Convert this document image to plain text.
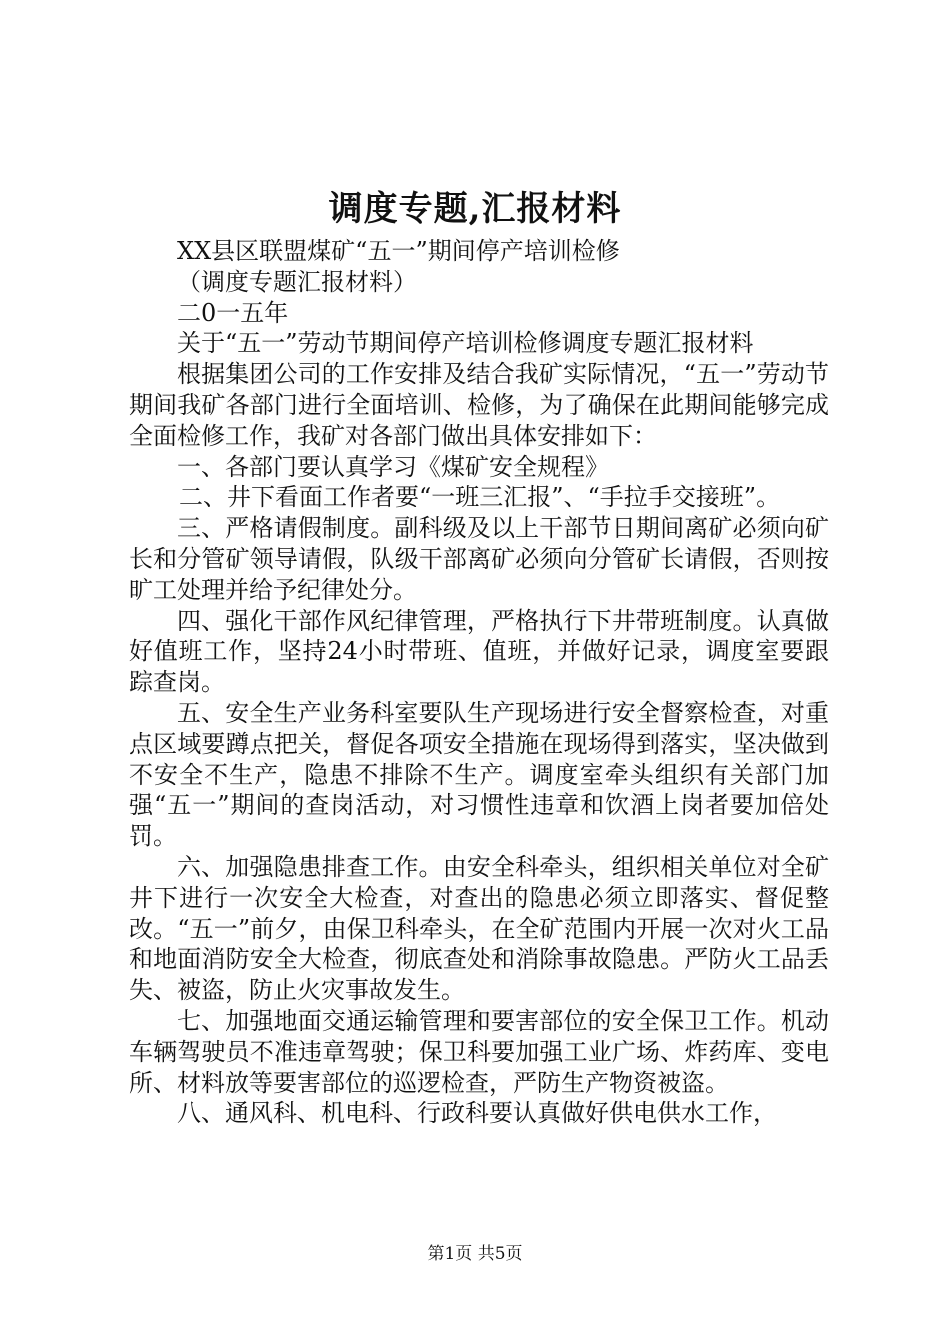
调度专题,汇报材料

XX县区联盟煤矿“五一”期间停产培训检修

（调度专题汇报材料）

二0一五年

关于“五一”劳动节期间停产培训检修调度专题汇报材料

根据集团公司的工作安排及结合我矿实际情况，“五一”劳动节期间我矿各部门进行全面培训、检修，为了确保在此期间能够完成全面检修工作，我矿对各部门做出具体安排如下：

一、各部门要认真学习《煤矿安全规程》

二、井下看面工作者要“一班三汇报”、“手拉手交接班”。

三、严格请假制度。副科级及以上干部节日期间离矿必须向矿长和分管矿领导请假，队级干部离矿必须向分管矿长请假，否则按旷工处理并给予纪律处分。

四、强化干部作风纪律管理，严格执行下井带班制度。认真做好值班工作，坚持24小时带班、值班，并做好记录，调度室要跟踪查岗。

五、安全生产业务科室要队生产现场进行安全督察检查，对重点区域要蹲点把关，督促各项安全措施在现场得到落实，坚决做到不安全不生产，隐患不排除不生产。调度室牵头组织有关部门加强“五一”期间的查岗活动，对习惯性违章和饮酒上岗者要加倍处罚。

六、加强隐患排查工作。由安全科牵头，组织相关单位对全矿井下进行一次安全大检查，对查出的隐患必须立即落实、督促整改。“五一”前夕，由保卫科牵头，在全矿范围内开展一次对火工品和地面消防安全大检查，彻底查处和消除事故隐患。严防火工品丢失、被盗，防止火灾事故发生。

七、加强地面交通运输管理和要害部位的安全保卫工作。机动车辆驾驶员不准违章驾驶；保卫科要加强工业广场、炸药库、变电所、材料放等要害部位的巡逻检查，严防生产物资被盗。

八、通风科、机电科、行政科要认真做好供电供水工作，

第1页 共5页
